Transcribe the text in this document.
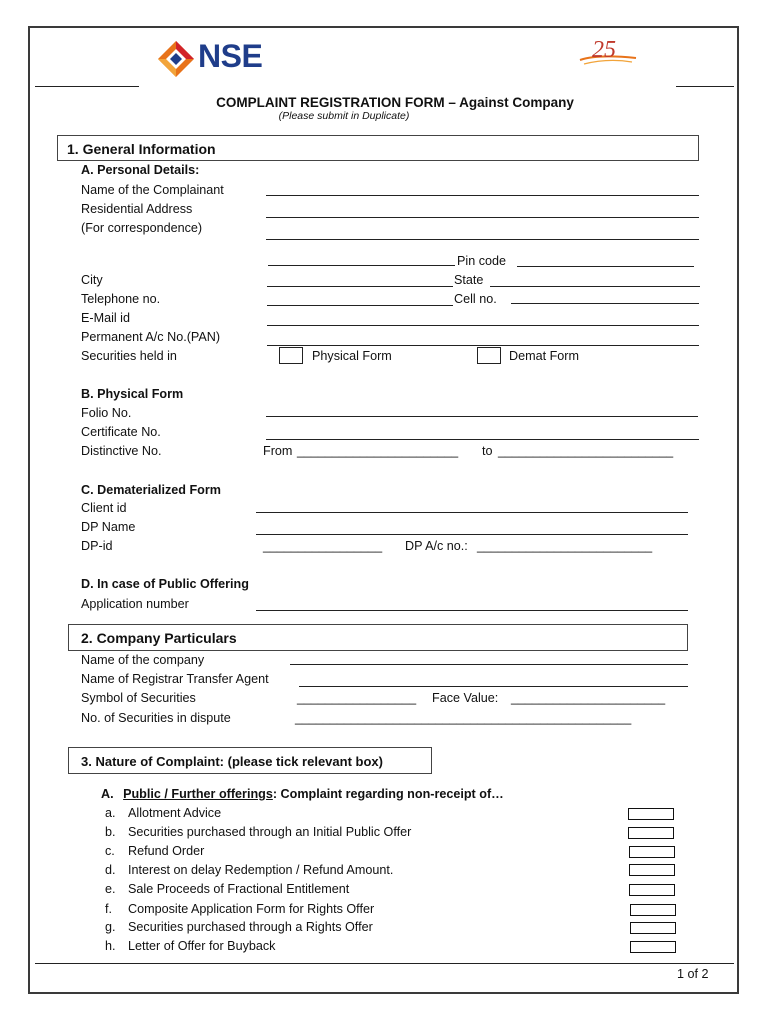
NSE	25
COMPLAINT REGISTRATION FORM – Against Company
(Please submit in Duplicate)
1. General Information
A. Personal Details:
Name of the Complainant
Residential Address
(For correspondence)
Pin code
City	State
Telephone no.	Cell no.
E-Mail id
Permanent A/c No.(PAN)
Securities held in	Physical Form	Demat Form
B. Physical Form
Folio No.
Certificate No.
Distinctive No.	From _______________________ to _________________________
C. Dematerialized Form
Client id
DP Name
DP-id	_________________ DP A/c no.: _________________________
D. In case of Public Offering
Application number
2. Company Particulars
Name of the company
Name of Registrar Transfer Agent
Symbol of Securities	_________________ Face Value: ______________________
No. of Securities in dispute	________________________________________________
3. Nature of Complaint: (please tick relevant box)
A. Public / Further offerings: Complaint regarding non-receipt of…
a. Allotment Advice
b. Securities purchased through an Initial Public Offer
c. Refund Order
d. Interest on delay Redemption / Refund Amount.
e. Sale Proceeds of Fractional Entitlement
f. Composite Application Form for Rights Offer
g. Securities purchased through a Rights Offer
h. Letter of Offer for Buyback
1 of 2
